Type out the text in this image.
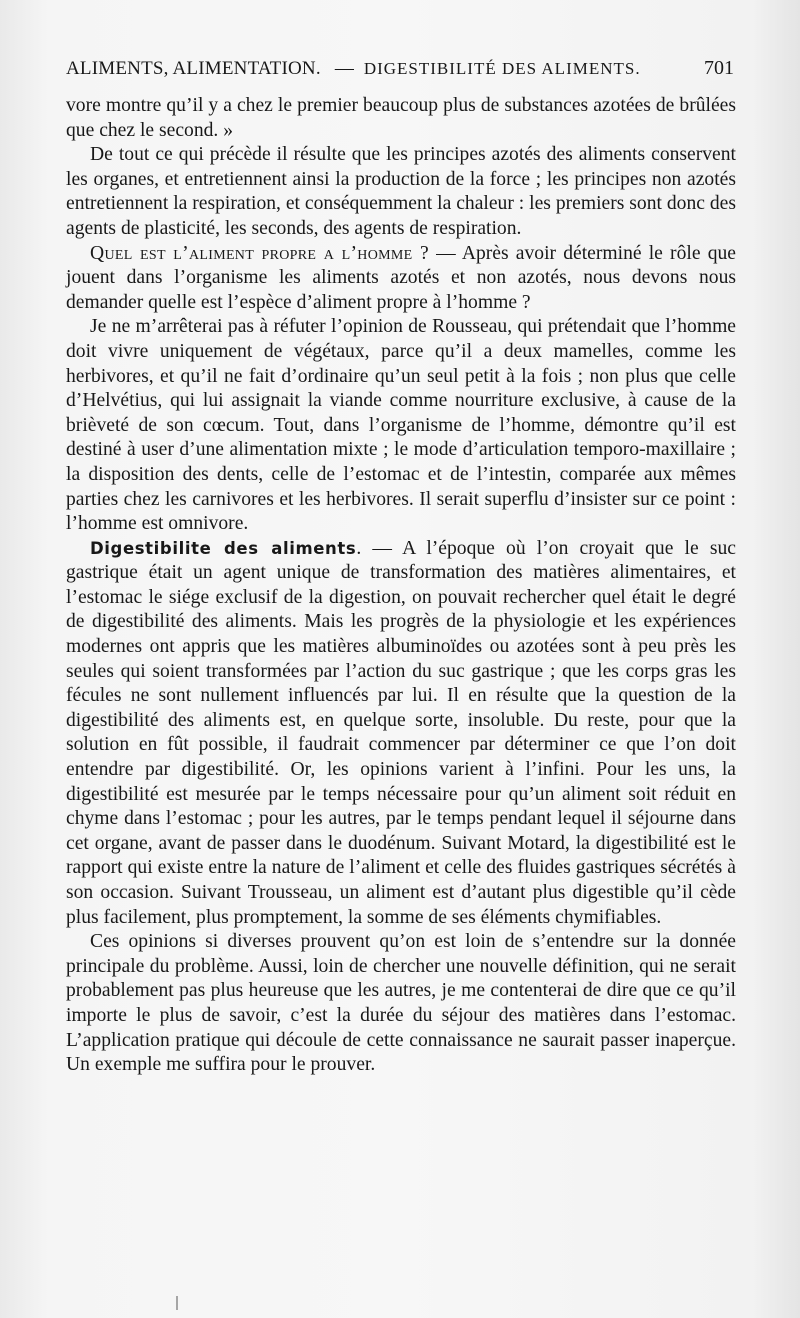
ALIMENTS, ALIMENTATION. — DIGESTIBILITÉ DES ALIMENTS.	701

vore montre qu’il y a chez le premier beaucoup plus de substances azotées de brûlées que chez le second. »

De tout ce qui précède il résulte que les principes azotés des aliments conservent les organes, et entretiennent ainsi la production de la force ; les principes non azotés entretiennent la respiration, et conséquemment la chaleur : les premiers sont donc des agents de plasticité, les seconds, des agents de respiration.

Quel est l’aliment propre a l’homme ? — Après avoir déterminé le rôle que jouent dans l’organisme les aliments azotés et non azotés, nous devons nous demander quelle est l’espèce d’aliment propre à l’homme ?

Je ne m’arrêterai pas à réfuter l’opinion de Rousseau, qui prétendait que l’homme doit vivre uniquement de végétaux, parce qu’il a deux mamelles, comme les herbivores, et qu’il ne fait d’ordinaire qu’un seul petit à la fois ; non plus que celle d’Helvétius, qui lui assignait la viande comme nourriture exclusive, à cause de la brièveté de son cœcum. Tout, dans l’organisme de l’homme, démontre qu’il est destiné à user d’une alimentation mixte ; le mode d’articulation temporo-maxillaire ; la disposition des dents, celle de l’estomac et de l’intestin, comparée aux mêmes parties chez les carnivores et les herbivores. Il serait superflu d’insister sur ce point : l’homme est omnivore.

Digestibilite des aliments. — A l’époque où l’on croyait que le suc gastrique était un agent unique de transformation des matières alimentaires, et l’estomac le siége exclusif de la digestion, on pouvait rechercher quel était le degré de digestibilité des aliments. Mais les progrès de la physiologie et les expériences modernes ont appris que les matières albuminoïdes ou azotées sont à peu près les seules qui soient transformées par l’action du suc gastrique ; que les corps gras les fécules ne sont nullement influencés par lui. Il en résulte que la question de la digestibilité des aliments est, en quelque sorte, insoluble. Du reste, pour que la solution en fût possible, il faudrait commencer par déterminer ce que l’on doit entendre par digestibilité. Or, les opinions varient à l’infini. Pour les uns, la digestibilité est mesurée par le temps nécessaire pour qu’un aliment soit réduit en chyme dans l’estomac ; pour les autres, par le temps pendant lequel il séjourne dans cet organe, avant de passer dans le duodénum. Suivant Motard, la digestibilité est le rapport qui existe entre la nature de l’aliment et celle des fluides gastriques sécrétés à son occasion. Suivant Trousseau, un aliment est d’autant plus digestible qu’il cède plus facilement, plus promptement, la somme de ses éléments chymifiables.

Ces opinions si diverses prouvent qu’on est loin de s’entendre sur la donnée principale du problème. Aussi, loin de chercher une nouvelle définition, qui ne serait probablement pas plus heureuse que les autres, je me contenterai de dire que ce qu’il importe le plus de savoir, c’est la durée du séjour des matières dans l’estomac. L’application pratique qui découle de cette connaissance ne saurait passer inaperçue. Un exemple me suffira pour le prouver.
